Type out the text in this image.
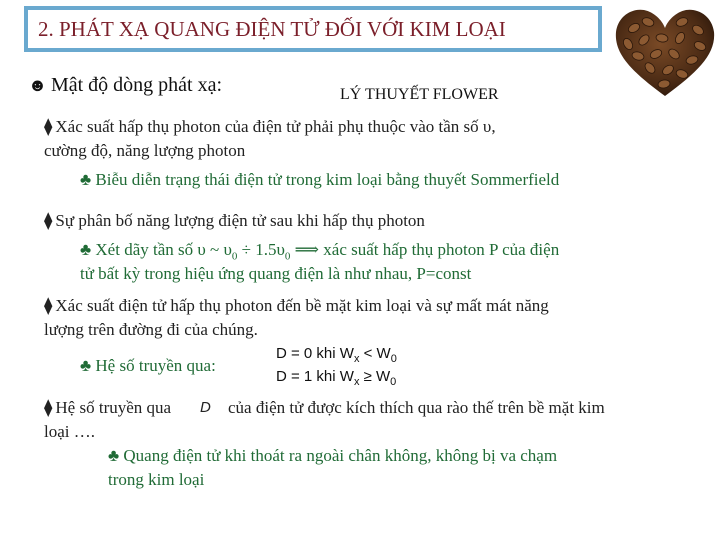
2. PHÁT XẠ QUANG ĐIỆN TỬ ĐỐI VỚI KIM LOẠI
☻ Mật độ dòng phát xạ:	LÝ THUYẾT FLOWER
⧫ Xác suất hấp thụ photon của điện tử phải phụ thuộc vào tần số υ,
cường độ, năng lượng photon
♣ Biễu diễn trạng thái điện tử trong kim loại bằng thuyết Sommerfield
⧫ Sự phân bố năng lượng điện tử sau khi hấp thụ photon
♣ Xét dãy tần số υ ~ $\upsilon_0 \div 1.5\upsilon_0$ ⟹ xác suất hấp thụ photon P của điện
tử bất kỳ trong hiệu ứng quang điện là như nhau, P=const
⧫ Xác suất điện tử hấp thụ photon đến bề mặt kim loại và sự mất mát năng
lượng trên đường đi của chúng.
♣ Hệ số truyền qua:
D = 0 khi $W_x < W_0$
D = 1 khi $W_x \ge W_0$
⧫ Hệ số truyền qua D	của điện tử được kích thích qua rào thế trên bề mặt kim
loại ….
♣ Quang điện tử khi thoát ra ngoài chân không, không bị va chạm
trong kim loại
